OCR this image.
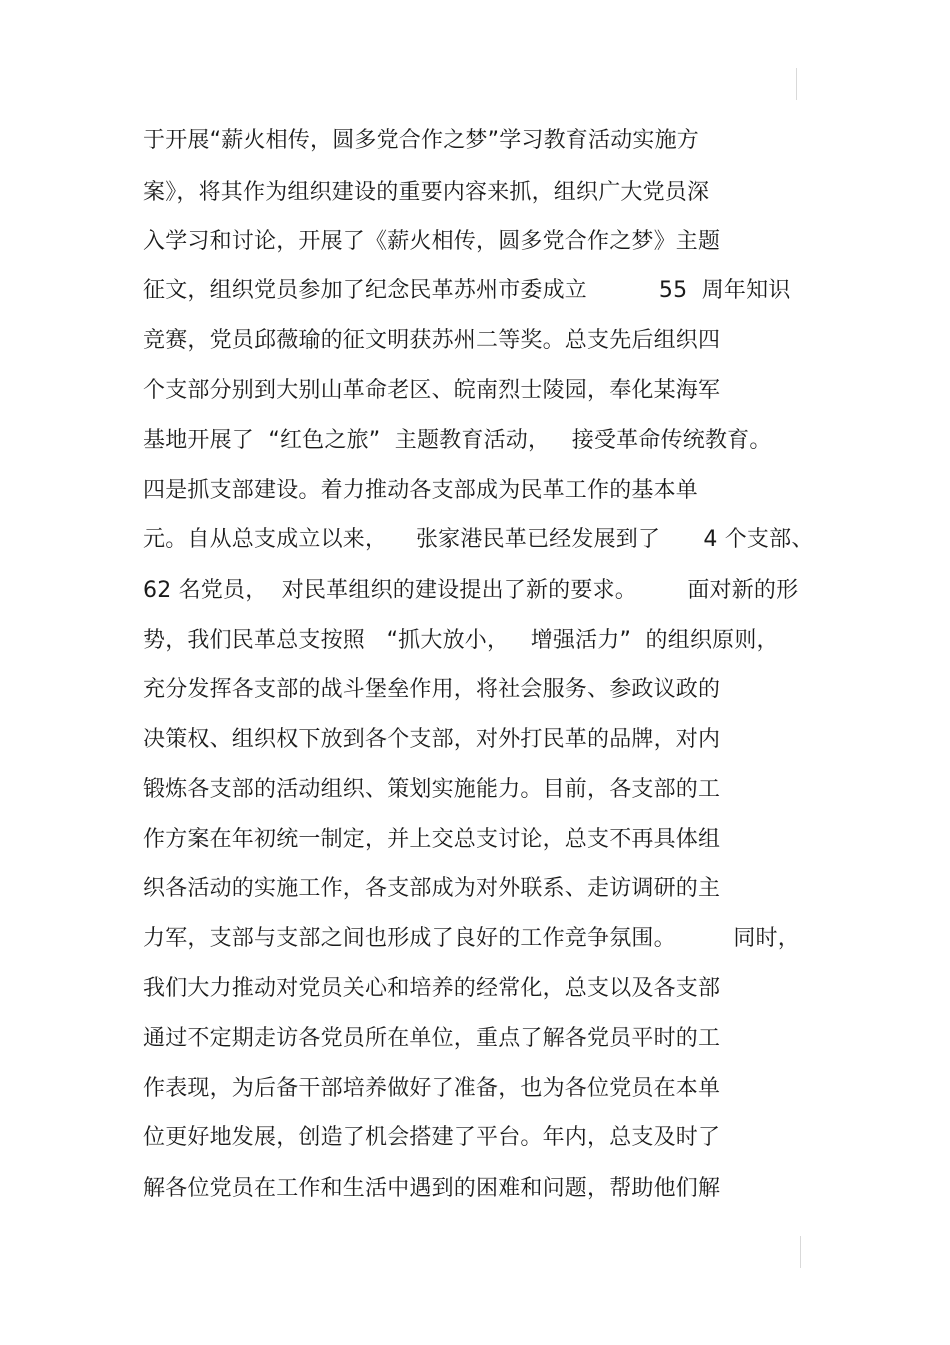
于开展“薪火相传，圆多党合作之梦”学习教育活动实施方
案》，将其作为组织建设的重要内容来抓，组织广大党员深
入学习和讨论，开展了《薪火相传，圆多党合作之梦》主题
征文，组织党员参加了纪念民革苏州市委成立          55  周年知识
竞赛，党员邱薇瑜的征文明获苏州二等奖。总支先后组织四
个支部分别到大别山革命老区、皖南烈士陵园，奉化某海军
基地开展了  “红色之旅”  主题教育活动，   接受革命传统教育。
四是抓支部建设。着力推动各支部成为民革工作的基本单
元。自从总支成立以来，    张家港民革已经发展到了      4 个支部、
62 名党员，  对民革组织的建设提出了新的要求。       面对新的形
势，我们民革总支按照   “抓大放小，   增强活力”  的组织原则，
充分发挥各支部的战斗堡垒作用，将社会服务、参政议政的
决策权、组织权下放到各个支部，对外打民革的品牌，对内
锻炼各支部的活动组织、策划实施能力。目前，各支部的工
作方案在年初统一制定，并上交总支讨论，总支不再具体组
织各活动的实施工作，各支部成为对外联系、走访调研的主
力军，支部与支部之间也形成了良好的工作竞争氛围。        同时，
我们大力推动对党员关心和培养的经常化，总支以及各支部
通过不定期走访各党员所在单位，重点了解各党员平时的工
作表现，为后备干部培养做好了准备，也为各位党员在本单
位更好地发展，创造了机会搭建了平台。年内，总支及时了
解各位党员在工作和生活中遇到的困难和问题，帮助他们解
